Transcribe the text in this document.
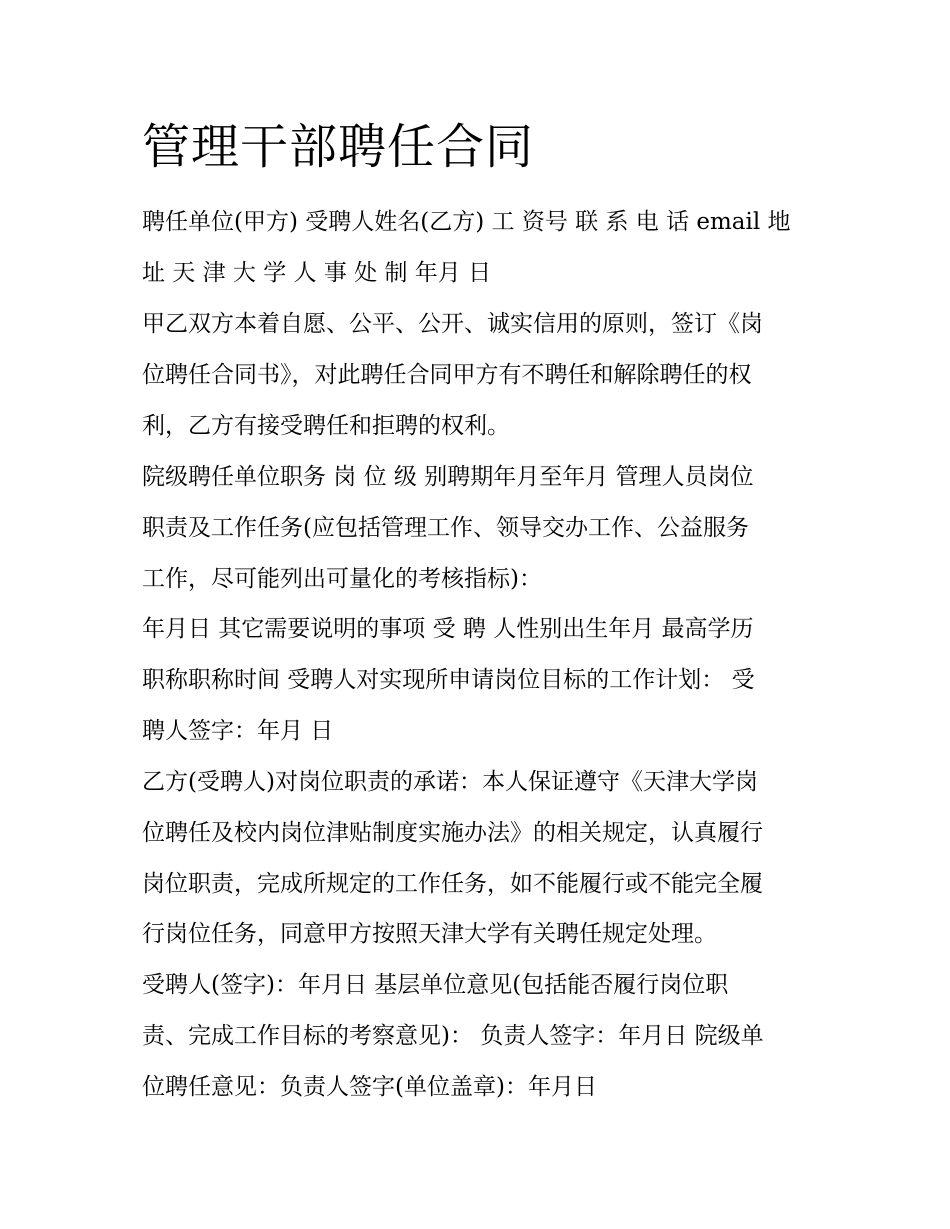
管理干部聘任合同

聘任单位(甲方) 受聘人姓名(乙方) 工 资号 联 系 电 话 email 地

址 天 津 大 学 人 事 处 制 年月 日

甲乙双方本着自愿、公平、公开、诚实信用的原则，签订《岗

位聘任合同书》，对此聘任合同甲方有不聘任和解除聘任的权

利，乙方有接受聘任和拒聘的权利。

院级聘任单位职务 岗 位 级 别聘期年月至年月 管理人员岗位

职责及工作任务(应包括管理工作、领导交办工作、公益服务

工作，尽可能列出可量化的考核指标)：

年月日 其它需要说明的事项 受 聘 人性别出生年月 最高学历

职称职称时间 受聘人对实现所申请岗位目标的工作计划： 受

聘人签字：年月 日

乙方(受聘人)对岗位职责的承诺：本人保证遵守《天津大学岗

位聘任及校内岗位津贴制度实施办法》的相关规定，认真履行

岗位职责，完成所规定的工作任务，如不能履行或不能完全履

行岗位任务，同意甲方按照天津大学有关聘任规定处理。

受聘人(签字)：年月日 基层单位意见(包括能否履行岗位职

责、完成工作目标的考察意见)： 负责人签字：年月日 院级单

位聘任意见：负责人签字(单位盖章)：年月日
